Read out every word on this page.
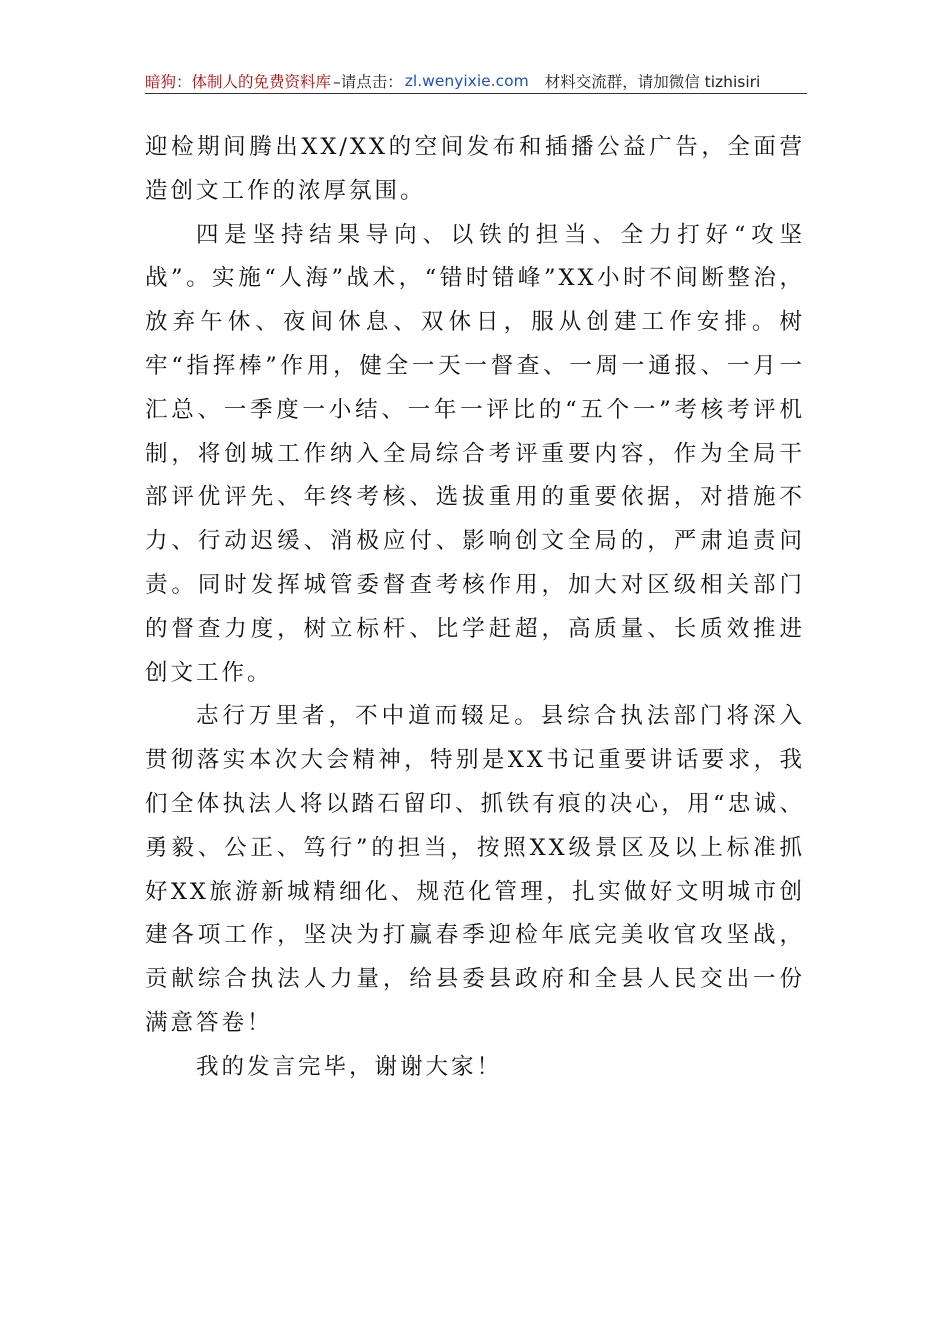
暗狗：体制人的免费资料库 –请点击： zl.wenyixie.com 材料交流群，请加微信 tizhisiri

迎检期间腾出XX/XX的空间发布和插播公益广告，全面营造创文工作的浓厚氛围。

四是坚持结果导向、以铁的担当、全力打好“攻坚战”。实施“人海”战术，“错时错峰”XX小时不间断整治，放弃午休、夜间休息、双休日，服从创建工作安排。树牢“指挥棒”作用，健全一天一督查、一周一通报、一月一汇总、一季度一小结、一年一评比的“五个一”考核考评机制，将创城工作纳入全局综合考评重要内容，作为全局干部评优评先、年终考核、选拔重用的重要依据，对措施不力、行动迟缓、消极应付、影响创文全局的，严肃追责问责。同时发挥城管委督查考核作用，加大对区级相关部门的督查力度，树立标杆、比学赶超，高质量、长质效推进创文工作。

志行万里者，不中道而辍足。县综合执法部门将深入贯彻落实本次大会精神，特别是XX书记重要讲话要求，我们全体执法人将以踏石留印、抓铁有痕的决心，用“忠诚、勇毅、公正、笃行”的担当，按照XX级景区及以上标准抓好XX旅游新城精细化、规范化管理，扎实做好文明城市创建各项工作，坚决为打赢春季迎检年底完美收官攻坚战，贡献综合执法人力量，给县委县政府和全县人民交出一份满意答卷！

我的发言完毕，谢谢大家！
